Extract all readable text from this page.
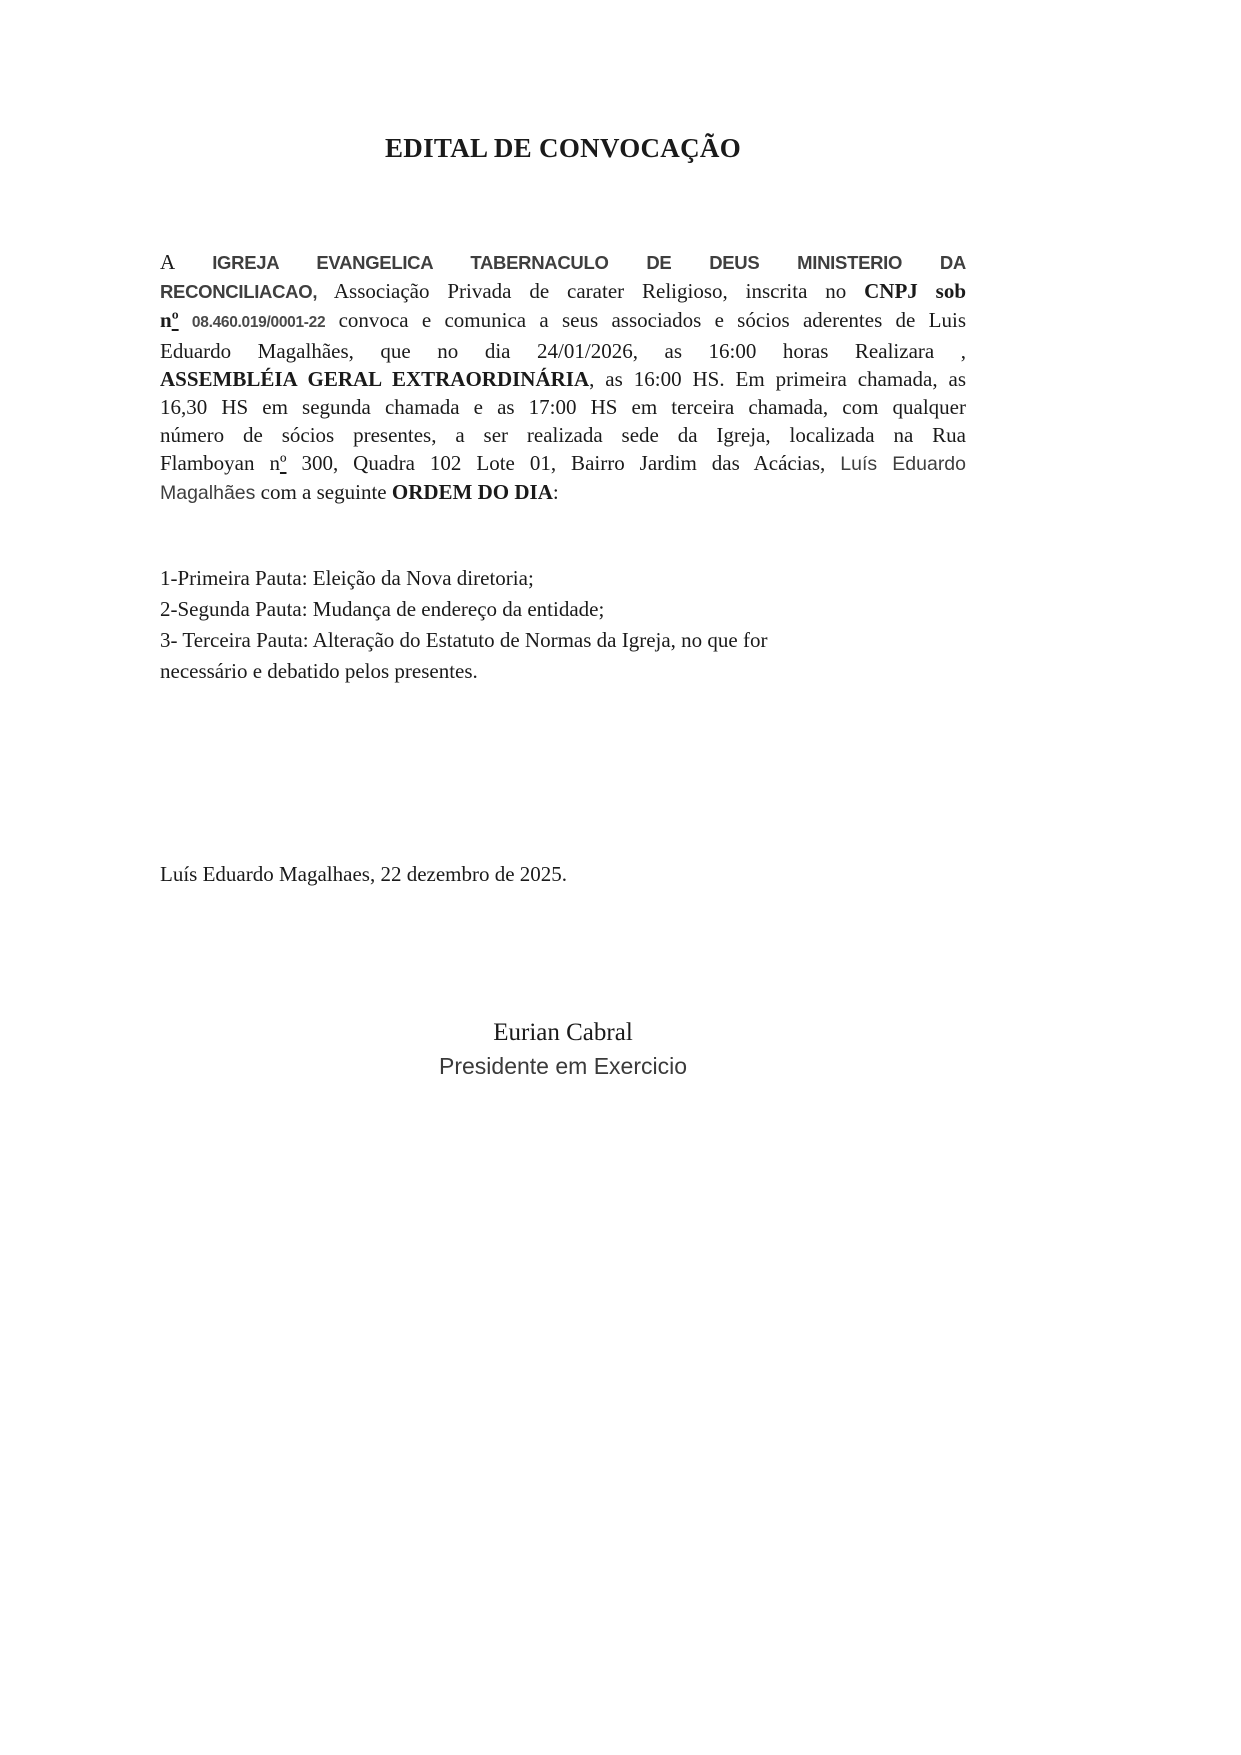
EDITAL DE CONVOCAÇÃO
A IGREJA EVANGELICA TABERNACULO DE DEUS MINISTERIO DA
RECONCILIACAO, Associação Privada de carater Religioso, inscrita no CNPJ sob
nº 08.460.019/0001-22 convoca e comunica a seus associados e sócios aderentes de Luis
Eduardo Magalhães, que no dia 24/01/2026, as 16:00 horas Realizara ,
ASSEMBLÉIA GERAL EXTRAORDINÁRIA, as 16:00 HS. Em primeira chamada, as
16,30 HS em segunda chamada e as 17:00 HS em terceira chamada, com qualquer
número de sócios presentes, a ser realizada sede da Igreja, localizada na Rua
Flamboyan nº 300, Quadra 102 Lote 01, Bairro Jardim das Acácias, Luís Eduardo
Magalhães com a seguinte ORDEM DO DIA:
1-Primeira Pauta: Eleição da Nova diretoria;
2-Segunda Pauta: Mudança de endereço da entidade;
3- Terceira Pauta: Alteração do Estatuto de Normas da Igreja, no que for
necessário e debatido pelos presentes.
Luís Eduardo Magalhaes, 22 dezembro de 2025.
Eurian Cabral
Presidente em Exercicio
